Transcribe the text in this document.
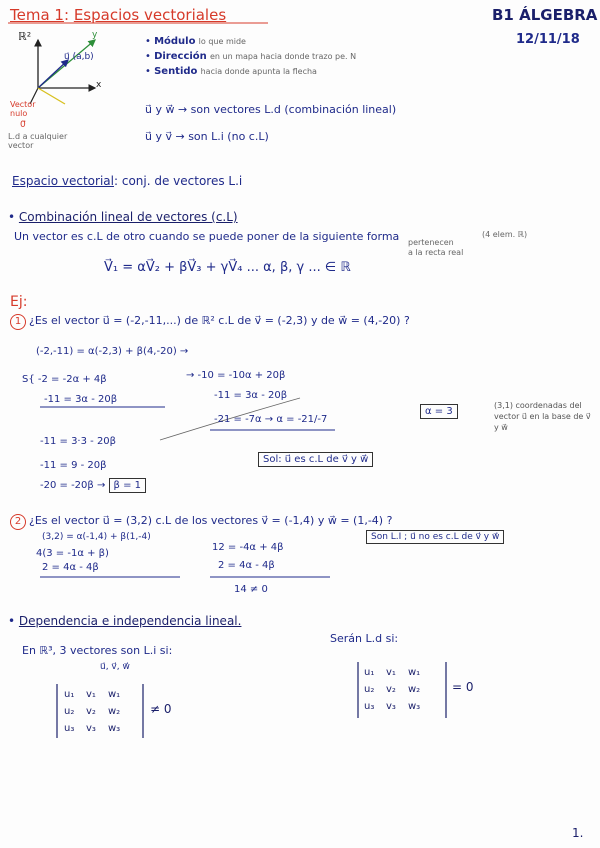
Tema 1: Espacios vectoriales	B1 ÁLGEBRA
12/11/18
ℝ²
u⃗ (a,b)
x
y
Vector nulo
0⃗
L.d a cualquier vector
• Módulo lo que mide
• Dirección en un mapa hacia donde trazo pe. N
• Sentido hacia donde apunta la flecha
u⃗ y w⃗ → son vectores L.d (combinación lineal)
u⃗ y v⃗ → son L.i (no c.L)
Espacio vectorial: conj. de vectores L.i
• Combinación lineal de vectores (c.L)
Un vector es c.L de otro cuando se puede poner de la siguiente forma
V⃗₁ = αV⃗₂ + βV⃗₃ + γV⃗₄ ... α, β, γ ... ∈ ℝ
pertenecen
a la recta real
(4 elem. ℝ)
Ej:
1 ¿Es el vector u⃗ = (-2,-11,...) de ℝ² c.L de v⃗ = (-2,3) y de w⃗ = (4,-20) ?
(-2,-11) = α(-2,3) + β(4,-20) →
S{ -2 = -2α + 4β	→ -10 = -10α + 20β
-11 = 3α - 20β	-11 = 3α - 20β
-21 = -7α → α = -21/-7
α = 3
-11 = 3·3 - 20β
-11 = 9 - 20β
-20 = -20β → β = 1
Sol: u⃗ es c.L de v⃗ y w⃗
(3,1) coordenadas del vector u⃗ en la base de v⃗ y w⃗
2 ¿Es el vector u⃗ = (3,2) c.L de los vectores v⃗ = (-1,4) y w⃗ = (1,-4) ?
Son L.I ; u⃗ no es c.L de v⃗ y w⃗
(3,2) = α(-1,4) + β(1,-4)
4(3 = -1α + β)
12 = -4α + 4β
2 = 4α - 4β	2 = 4α - 4β
14 ≠ 0
• Dependencia e independencia lineal.
En ℝ³, 3 vectores son L.i si:
u⃗, v⃗, w⃗
Serán L.d si:
u₁ v₁ w₁
u₂ v₂ w₂
u₃ v₃ w₃
≠ 0
u₁ v₁ w₁
u₂ v₂ w₂
u₃ v₃ w₃
= 0
1.
